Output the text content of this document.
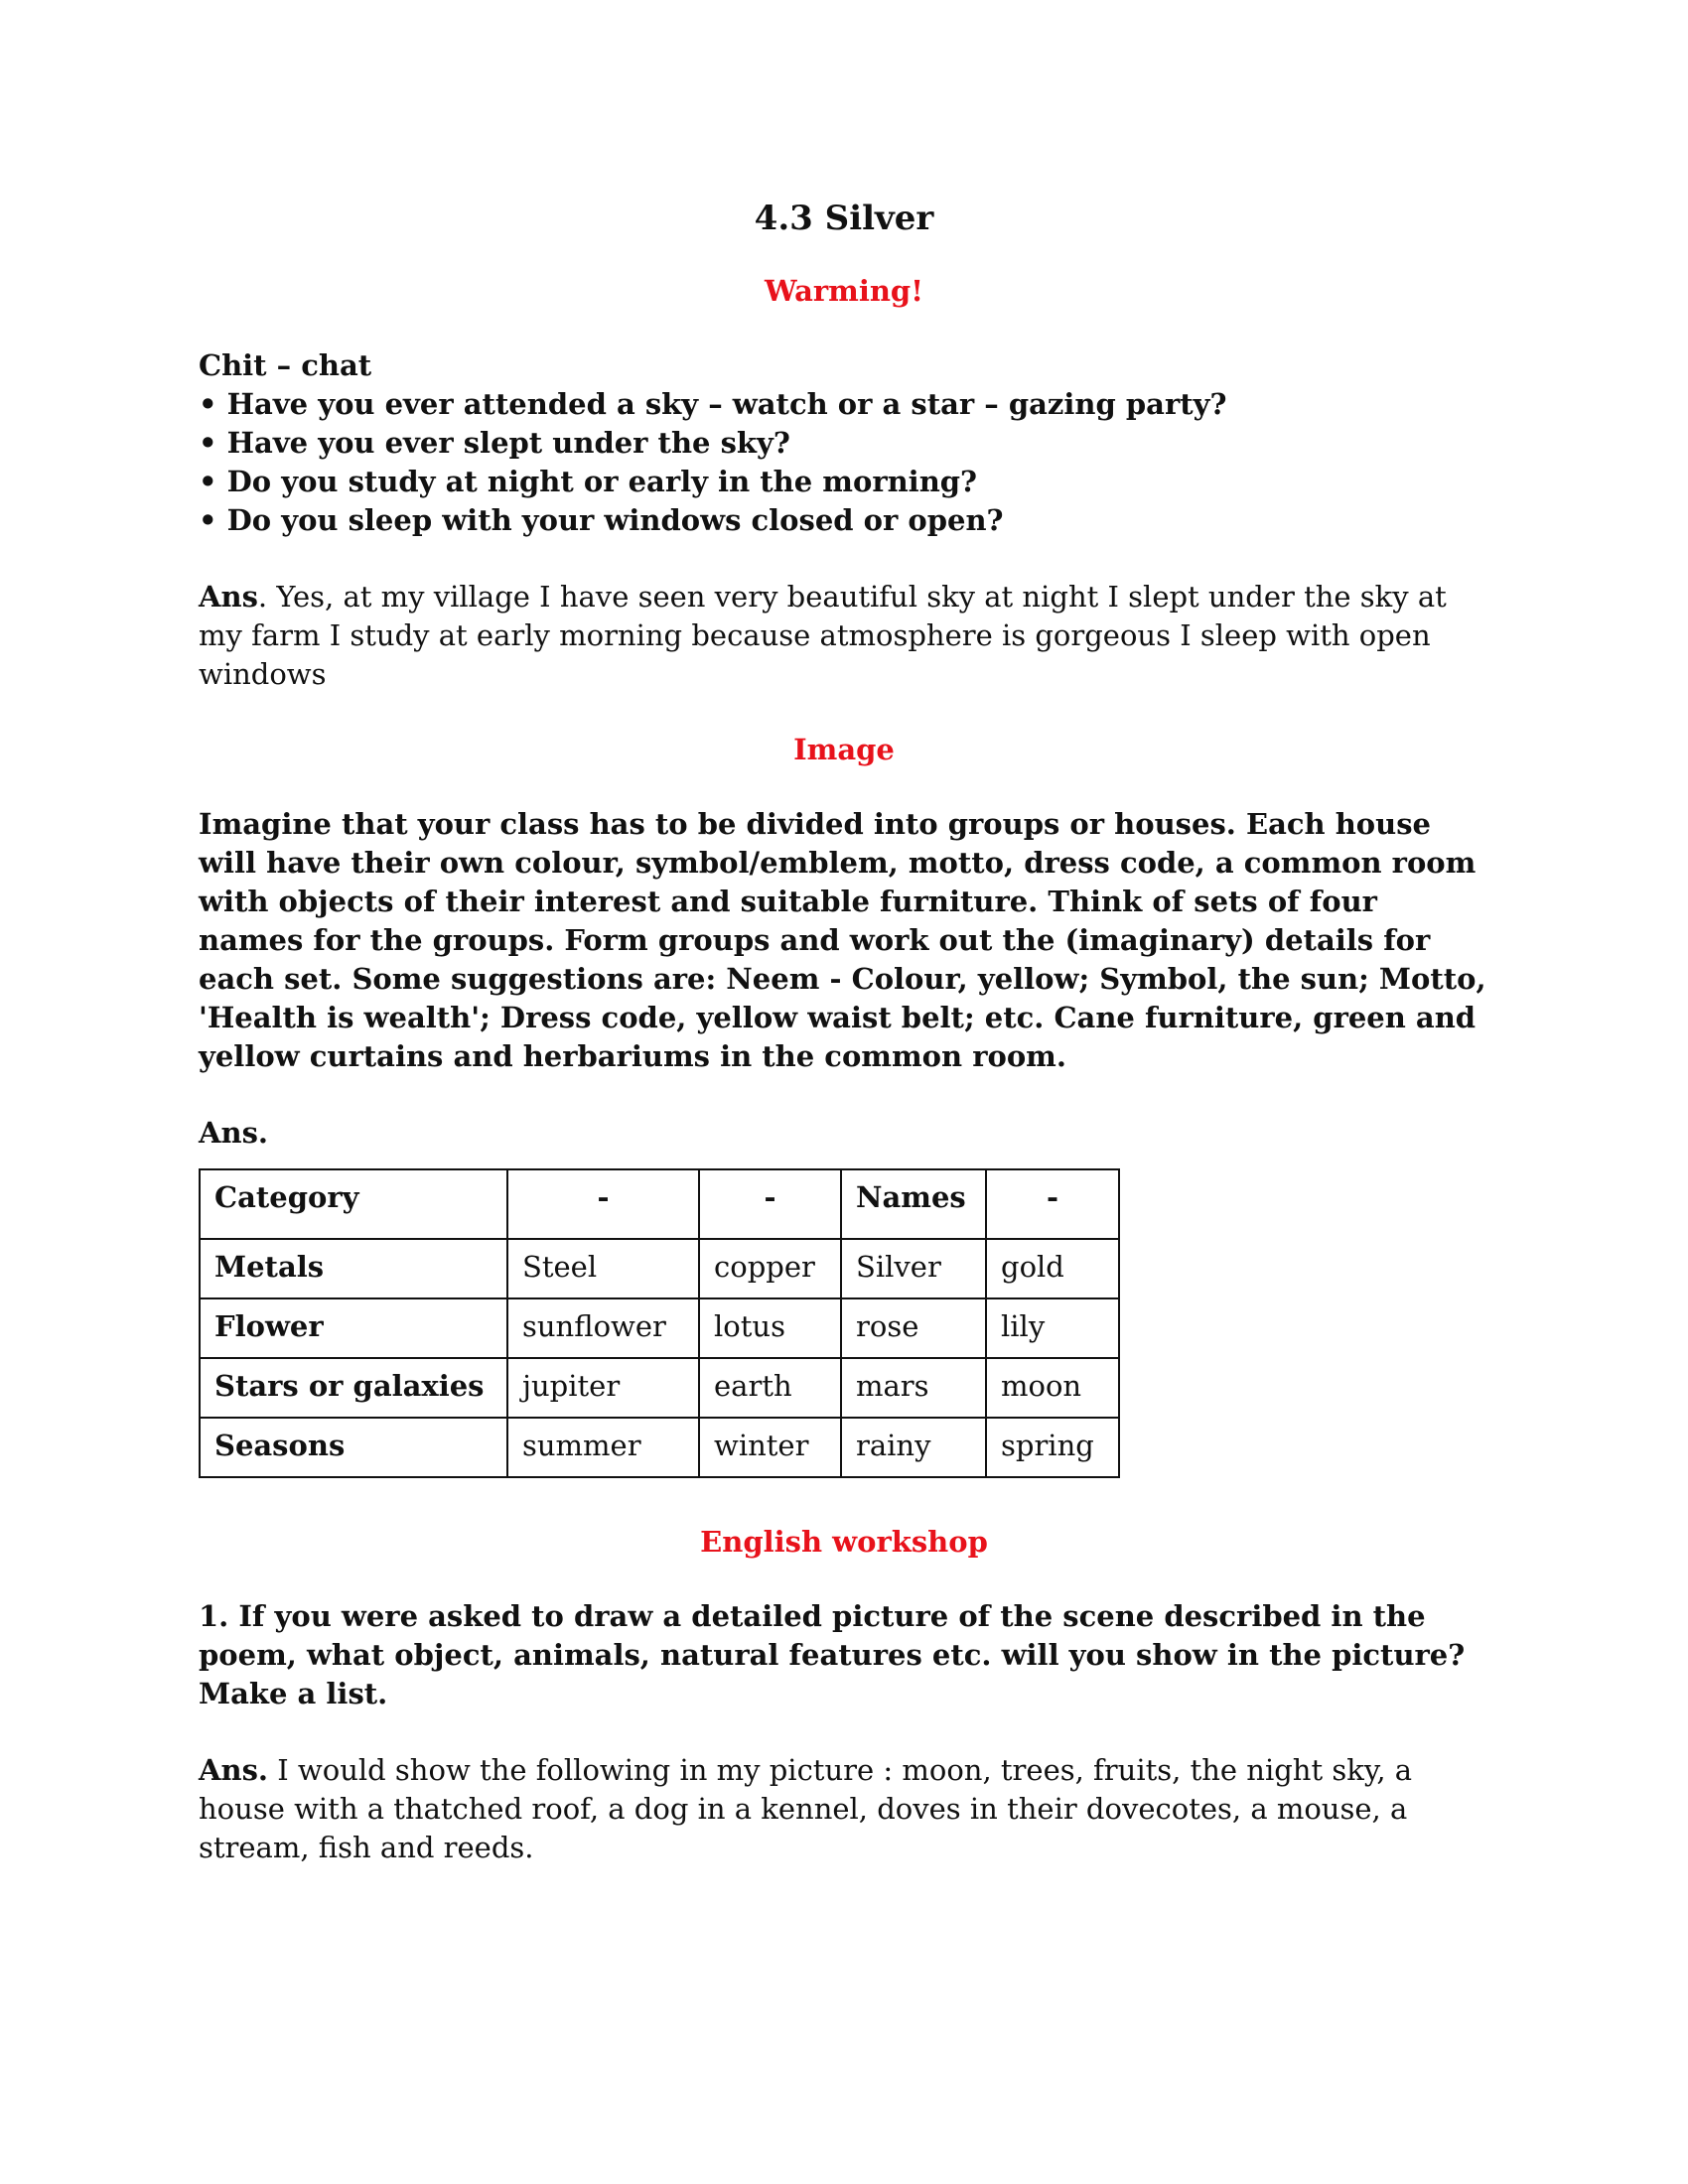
4.3 Silver
Warming!

Chit – chat

• Have you ever attended a sky – watch or a star – gazing party?
• Have you ever slept under the sky?
• Do you study at night or early in the morning?
• Do you sleep with your windows closed or open?

Ans. Yes, at my village I have seen very beautiful sky at night I slept under the sky at my farm I study at early morning because atmosphere is gorgeous I sleep with open windows

Image

Imagine that your class has to be divided into groups or houses. Each house will have their own colour, symbol/emblem, motto, dress code, a common room with objects of their interest and suitable furniture. Think of sets of four names for the groups. Form groups and work out the (imaginary) details for each set. Some suggestions are: Neem - Colour, yellow; Symbol, the sun; Motto, 'Health is wealth'; Dress code, yellow waist belt; etc. Cane furniture, green and yellow curtains and herbariums in the common room.

Ans.

Category	-	-	Names	-
Metals	Steel	copper	Silver	gold
Flower	sunflower	lotus	rose	lily
Stars or galaxies	jupiter	earth	mars	moon
Seasons	summer	winter	rainy	spring
English workshop

1. If you were asked to draw a detailed picture of the scene described in the poem, what object, animals, natural features etc. will you show in the picture? Make a list.

Ans. I would show the following in my picture : moon, trees, fruits, the night sky, a house with a thatched roof, a dog in a kennel, doves in their dovecotes, a mouse, a stream, fish and reeds.
